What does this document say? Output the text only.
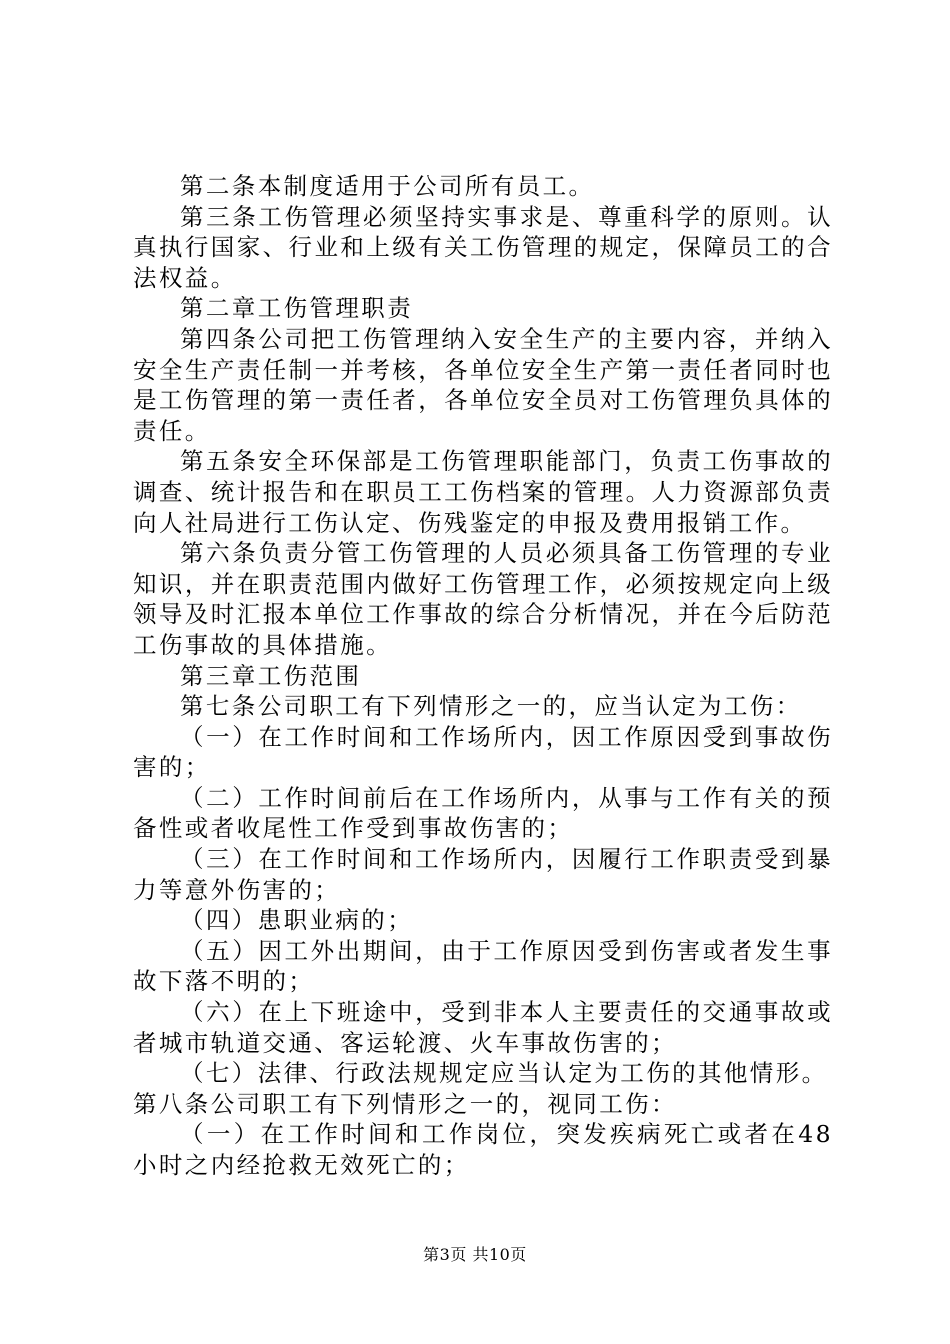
第二条本制度适用于公司所有员工。

第三条工伤管理必须坚持实事求是、尊重科学的原则。认真执行国家、行业和上级有关工伤管理的规定，保障员工的合法权益。

第二章工伤管理职责

第四条公司把工伤管理纳入安全生产的主要内容，并纳入安全生产责任制一并考核，各单位安全生产第一责任者同时也是工伤管理的第一责任者，各单位安全员对工伤管理负具体的责任。

第五条安全环保部是工伤管理职能部门，负责工伤事故的调查、统计报告和在职员工工伤档案的管理。人力资源部负责向人社局进行工伤认定、伤残鉴定的申报及费用报销工作。

第六条负责分管工伤管理的人员必须具备工伤管理的专业知识，并在职责范围内做好工伤管理工作，必须按规定向上级领导及时汇报本单位工作事故的综合分析情况，并在今后防范工伤事故的具体措施。

第三章工伤范围

第七条公司职工有下列情形之一的，应当认定为工伤：

（一）在工作时间和工作场所内，因工作原因受到事故伤害的；

（二）工作时间前后在工作场所内，从事与工作有关的预备性或者收尾性工作受到事故伤害的；

（三）在工作时间和工作场所内，因履行工作职责受到暴力等意外伤害的；

（四）患职业病的；

（五）因工外出期间，由于工作原因受到伤害或者发生事故下落不明的；

（六）在上下班途中，受到非本人主要责任的交通事故或者城市轨道交通、客运轮渡、火车事故伤害的；

（七）法律、行政法规规定应当认定为工伤的其他情形。

第八条公司职工有下列情形之一的，视同工伤：

（一）在工作时间和工作岗位，突发疾病死亡或者在48小时之内经抢救无效死亡的；

第3页 共10页
